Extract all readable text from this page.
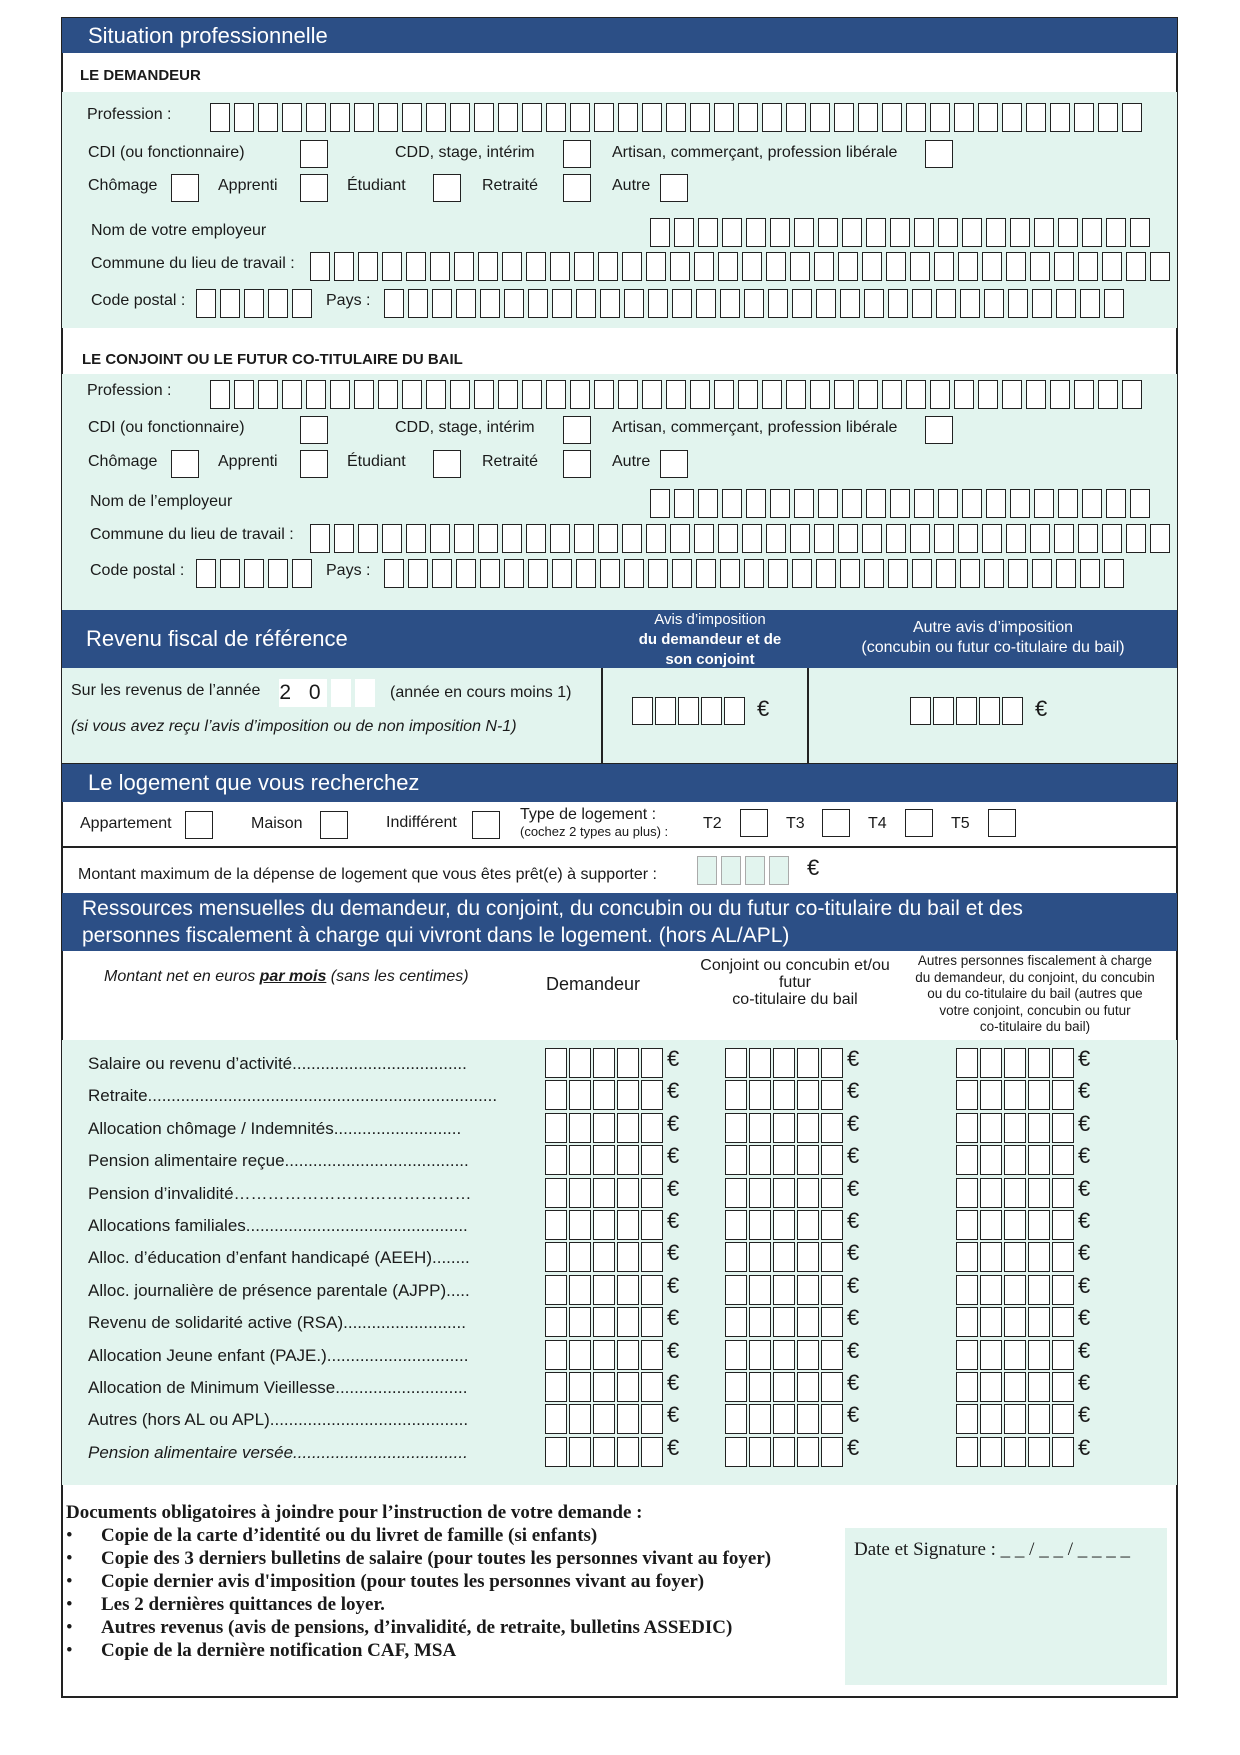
Situation professionnelle
LE DEMANDEUR
Profession :
CDI (ou fonctionnaire)	CDD, stage, intérim	Artisan, commerçant, profession libérale
Chômage	Apprenti	Étudiant	Retraité	Autre
Nom de votre employeur
Commune du lieu de travail :
Code postal :	Pays :
LE CONJOINT OU LE FUTUR CO-TITULAIRE DU BAIL
Profession :
CDI (ou fonctionnaire)	CDD, stage, intérim	Artisan, commerçant, profession libérale
Chômage	Apprenti	Étudiant	Retraité	Autre
Nom de l’employeur
Commune du lieu de travail :
Code postal :	Pays :
Revenu fiscal de référence
Avis d’imposition
du demandeur et de
son conjoint
Autre avis d’imposition
(concubin ou futur co-titulaire du bail)
Sur les revenus de l’année 2 0	(année en cours moins 1)
(si vous avez reçu l’avis d’imposition ou de non imposition N-1)
€	€
Le logement que vous recherchez
Appartement	Maison	Indifférent	Type de logement :
(cochez 2 types au plus) : T2	T3	T4	T5
Montant maximum de la dépense de logement que vous êtes prêt(e) à supporter :	€
Ressources mensuelles du demandeur, du conjoint, du concubin ou du futur co-titulaire du bail et des
personnes fiscalement à charge qui vivront dans le logement. (hors AL/APL)
Montant net en euros par mois (sans les centimes)	Demandeur
Conjoint ou concubin et/ou
futur
co-titulaire du bail
Autres personnes fiscalement à charge
du demandeur, du conjoint, du concubin
ou du co-titulaire du bail (autres que
votre conjoint, concubin ou futur
co-titulaire du bail)
Salaire ou revenu d’activité.....................................	€	€	€
Retraite..........................................................................	€	€	€
Allocation chômage / Indemnités...........................	€	€	€
Pension alimentaire reçue.......................................	€	€	€
Pension d’invalidité……………………………………	€	€	€
Allocations familiales...............................................	€	€	€
Alloc. d’éducation d’enfant handicapé (AEEH)........	€	€	€
Alloc. journalière de présence parentale (AJPP).....	€	€	€
Revenu de solidarité active (RSA)..........................	€	€	€
Allocation Jeune enfant (PAJE.)..............................	€	€	€
Allocation de Minimum Vieillesse............................	€	€	€
Autres (hors AL ou APL)..........................................	€	€	€
Pension alimentaire versée.....................................	€	€	€
Documents obligatoires à joindre pour l’instruction de votre demande :
• Copie de la carte d’identité ou du livret de famille (si enfants)
• Copie des 3 derniers bulletins de salaire (pour toutes les personnes vivant au foyer)
• Copie dernier avis d'imposition (pour toutes les personnes vivant au foyer)
• Les 2 dernières quittances de loyer.
• Autres revenus (avis de pensions, d’invalidité, de retraite, bulletins ASSEDIC)
• Copie de la dernière notification CAF, MSA
Date et Signature : _ _ / _ _ / _ _ _ _
